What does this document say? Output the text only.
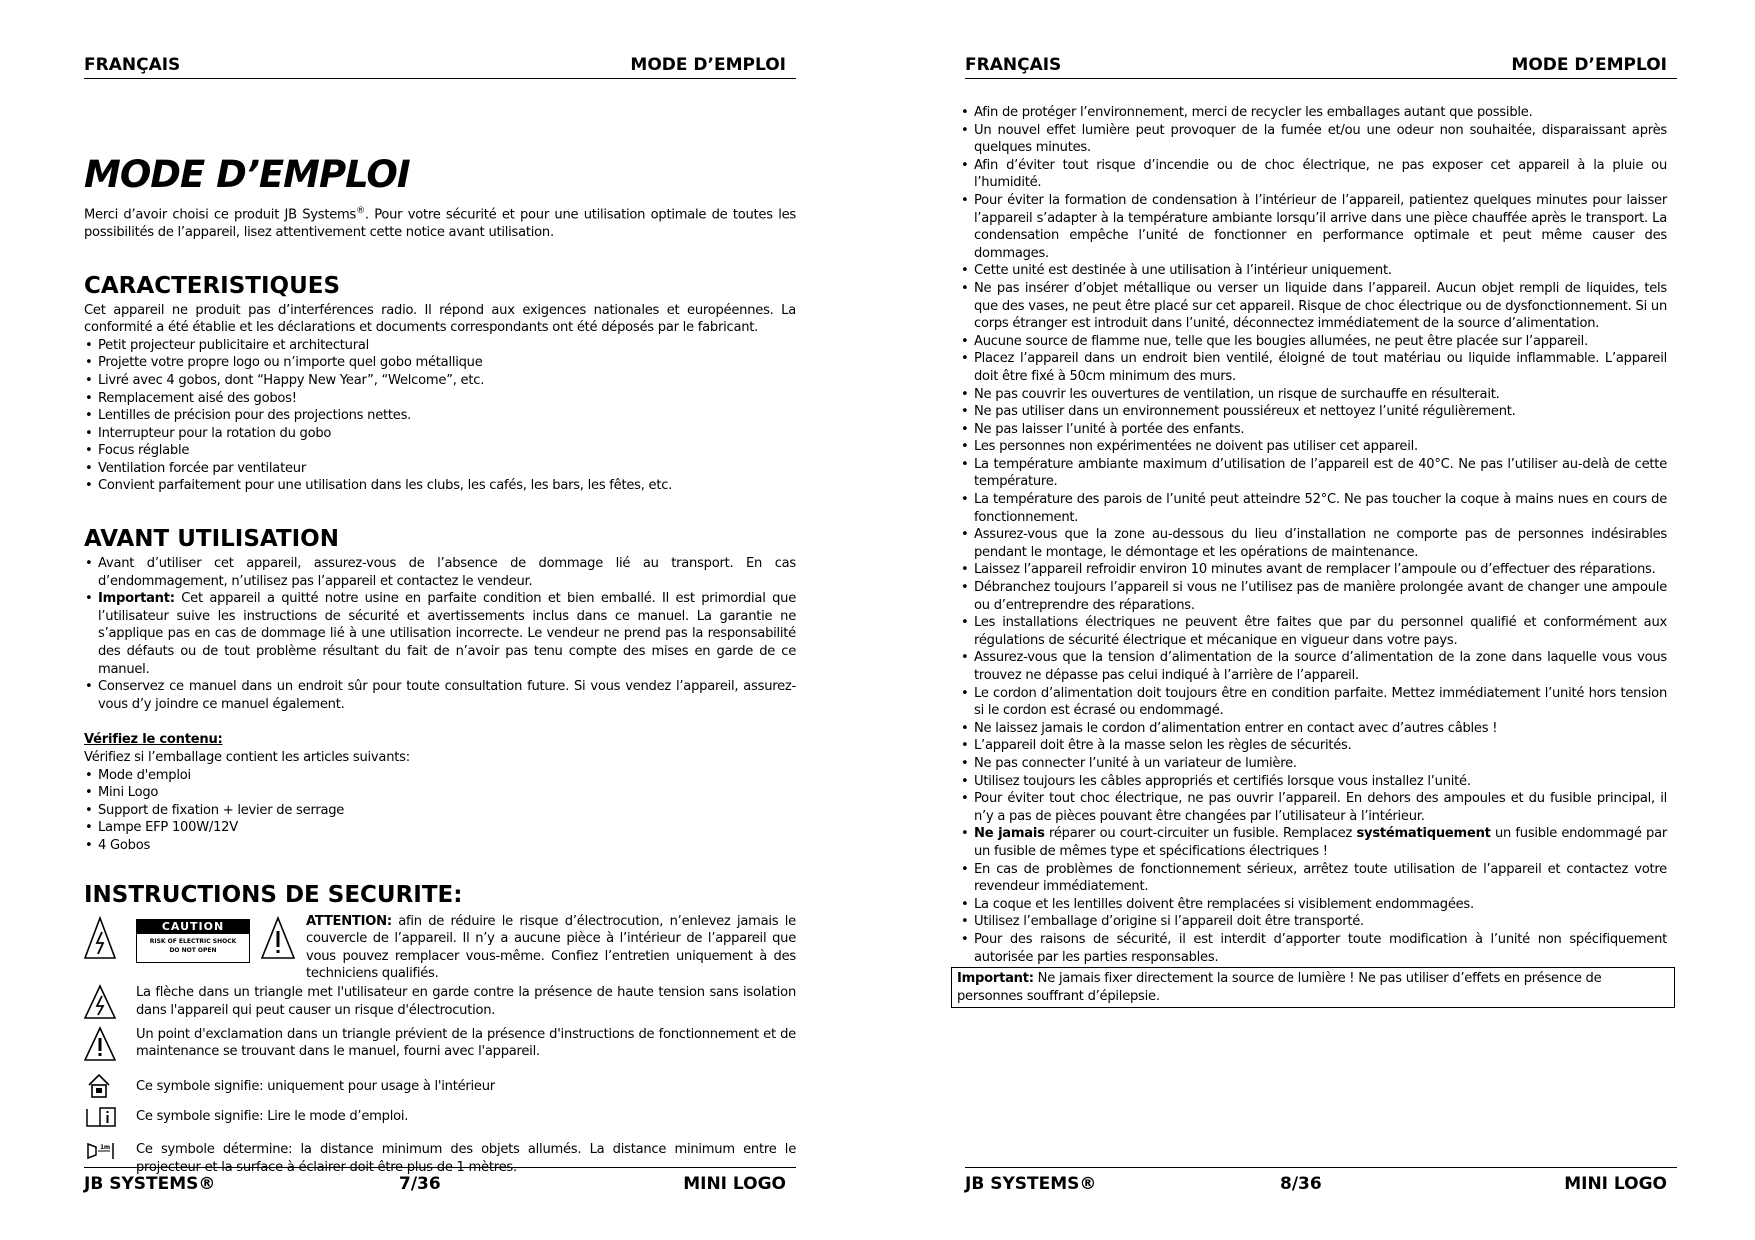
FRANÇAIS	MODE D’EMPLOI
MODE D’EMPLOI

Merci d’avoir choisi ce produit JB Systems®. Pour votre sécurité et pour une utilisation optimale de toutes les possibilités de l’appareil, lisez attentivement cette notice avant utilisation.

CARACTERISTIQUES

Cet appareil ne produit pas d’interférences radio. Il répond aux exigences nationales et européennes. La conformité a été établie et les déclarations et documents correspondants ont été déposés par le fabricant.

• Petit projecteur publicitaire et architectural
• Projette votre propre logo ou n’importe quel gobo métallique
• Livré avec 4 gobos, dont “Happy New Year”, “Welcome”, etc.
• Remplacement aisé des gobos!
• Lentilles de précision pour des projections nettes.
• Interrupteur pour la rotation du gobo
• Focus réglable
• Ventilation forcée par ventilateur
• Convient parfaitement pour une utilisation dans les clubs, les cafés, les bars, les fêtes, etc.
AVANT UTILISATION
• Avant d’utiliser cet appareil, assurez-vous de l’absence de dommage lié au transport. En cas d’endommagement, n’utilisez pas l’appareil et contactez le vendeur.
• Important: Cet appareil a quitté notre usine en parfaite condition et bien emballé. Il est primordial que l’utilisateur suive les instructions de sécurité et avertissements inclus dans ce manuel. La garantie ne s’applique pas en cas de dommage lié à une utilisation incorrecte. Le vendeur ne prend pas la responsabilité des défauts ou de tout problème résultant du fait de n’avoir pas tenu compte des mises en garde de ce manuel.
• Conservez ce manuel dans un endroit sûr pour toute consultation future. Si vous vendez l’appareil, assurez-vous d’y joindre ce manuel également.
Vérifiez le contenu:

Vérifiez si l’emballage contient les articles suivants:

• Mode d'emploi
• Mini Logo
• Support de fixation + levier de serrage
• Lampe EFP 100W/12V
• 4 Gobos
INSTRUCTIONS DE SECURITE:
CAUTION
RISK OF ELECTRIC SHOCK
DO NOT OPEN

ATTENTION: afin de réduire le risque d’électrocution, n’enlevez jamais le couvercle de l’appareil. Il n’y a aucune pièce à l’intérieur de l’appareil que vous pouvez remplacer vous-même. Confiez l’entretien uniquement à des techniciens qualifiés.

La flèche dans un triangle met l'utilisateur en garde contre la présence de haute tension sans isolation dans l'appareil qui peut causer un risque d'électrocution.

Un point d'exclamation dans un triangle prévient de la présence d'instructions de fonctionnement et de maintenance se trouvant dans le manuel, fourni avec l'appareil.

Ce symbole signifie: uniquement pour usage à l'intérieur

Ce symbole signifie: Lire le mode d’emploi.

1m Ce symbole détermine: la distance minimum des objets allumés. La distance minimum entre le projecteur et la surface à éclairer doit être plus de 1 mètres.

JB SYSTEMS®	7/36	MINI LOGO
FRANÇAIS	MODE D’EMPLOI
• Afin de protéger l’environnement, merci de recycler les emballages autant que possible.
• Un nouvel effet lumière peut provoquer de la fumée et/ou une odeur non souhaitée, disparaissant après quelques minutes.
• Afin d’éviter tout risque d’incendie ou de choc électrique, ne pas exposer cet appareil à la pluie ou l’humidité.
• Pour éviter la formation de condensation à l’intérieur de l’appareil, patientez quelques minutes pour laisser l’appareil s’adapter à la température ambiante lorsqu’il arrive dans une pièce chauffée après le transport. La condensation empêche l’unité de fonctionner en performance optimale et peut même causer des dommages.
• Cette unité est destinée à une utilisation à l’intérieur uniquement.
• Ne pas insérer d’objet métallique ou verser un liquide dans l’appareil. Aucun objet rempli de liquides, tels que des vases, ne peut être placé sur cet appareil. Risque de choc électrique ou de dysfonctionnement. Si un corps étranger est introduit dans l’unité, déconnectez immédiatement de la source d’alimentation.
• Aucune source de flamme nue, telle que les bougies allumées, ne peut être placée sur l’appareil.
• Placez l’appareil dans un endroit bien ventilé, éloigné de tout matériau ou liquide inflammable. L’appareil doit être fixé à 50cm minimum des murs.
• Ne pas couvrir les ouvertures de ventilation, un risque de surchauffe en résulterait.
• Ne pas utiliser dans un environnement poussiéreux et nettoyez l’unité régulièrement.
• Ne pas laisser l’unité à portée des enfants.
• Les personnes non expérimentées ne doivent pas utiliser cet appareil.
• La température ambiante maximum d’utilisation de l’appareil est de 40°C. Ne pas l’utiliser au-delà de cette température.
• La température des parois de l’unité peut atteindre 52°C. Ne pas toucher la coque à mains nues en cours de fonctionnement.
• Assurez-vous que la zone au-dessous du lieu d’installation ne comporte pas de personnes indésirables pendant le montage, le démontage et les opérations de maintenance.
• Laissez l’appareil refroidir environ 10 minutes avant de remplacer l’ampoule ou d’effectuer des réparations.
• Débranchez toujours l’appareil si vous ne l’utilisez pas de manière prolongée avant de changer une ampoule ou d’entreprendre des réparations.
• Les installations électriques ne peuvent être faites que par du personnel qualifié et conformément aux régulations de sécurité électrique et mécanique en vigueur dans votre pays.
• Assurez-vous que la tension d’alimentation de la source d’alimentation de la zone dans laquelle vous vous trouvez ne dépasse pas celui indiqué à l’arrière de l’appareil.
• Le cordon d’alimentation doit toujours être en condition parfaite. Mettez immédiatement l’unité hors tension si le cordon est écrasé ou endommagé.
• Ne laissez jamais le cordon d’alimentation entrer en contact avec d’autres câbles !
• L’appareil doit être à la masse selon les règles de sécurités.
• Ne pas connecter l’unité à un variateur de lumière.
• Utilisez toujours les câbles appropriés et certifiés lorsque vous installez l’unité.
• Pour éviter tout choc électrique, ne pas ouvrir l’appareil. En dehors des ampoules et du fusible principal, il n’y a pas de pièces pouvant être changées par l’utilisateur à l’intérieur.
• Ne jamais réparer ou court-circuiter un fusible. Remplacez systématiquement un fusible endommagé par un fusible de mêmes type et spécifications électriques !
• En cas de problèmes de fonctionnement sérieux, arrêtez toute utilisation de l’appareil et contactez votre revendeur immédiatement.
• La coque et les lentilles doivent être remplacées si visiblement endommagées.
• Utilisez l’emballage d’origine si l’appareil doit être transporté.
• Pour des raisons de sécurité, il est interdit d’apporter toute modification à l’unité non spécifiquement autorisée par les parties responsables.
Important: Ne jamais fixer directement la source de lumière ! Ne pas utiliser d’effets en présence de personnes souffrant d’épilepsie.
JB SYSTEMS®	8/36	MINI LOGO
